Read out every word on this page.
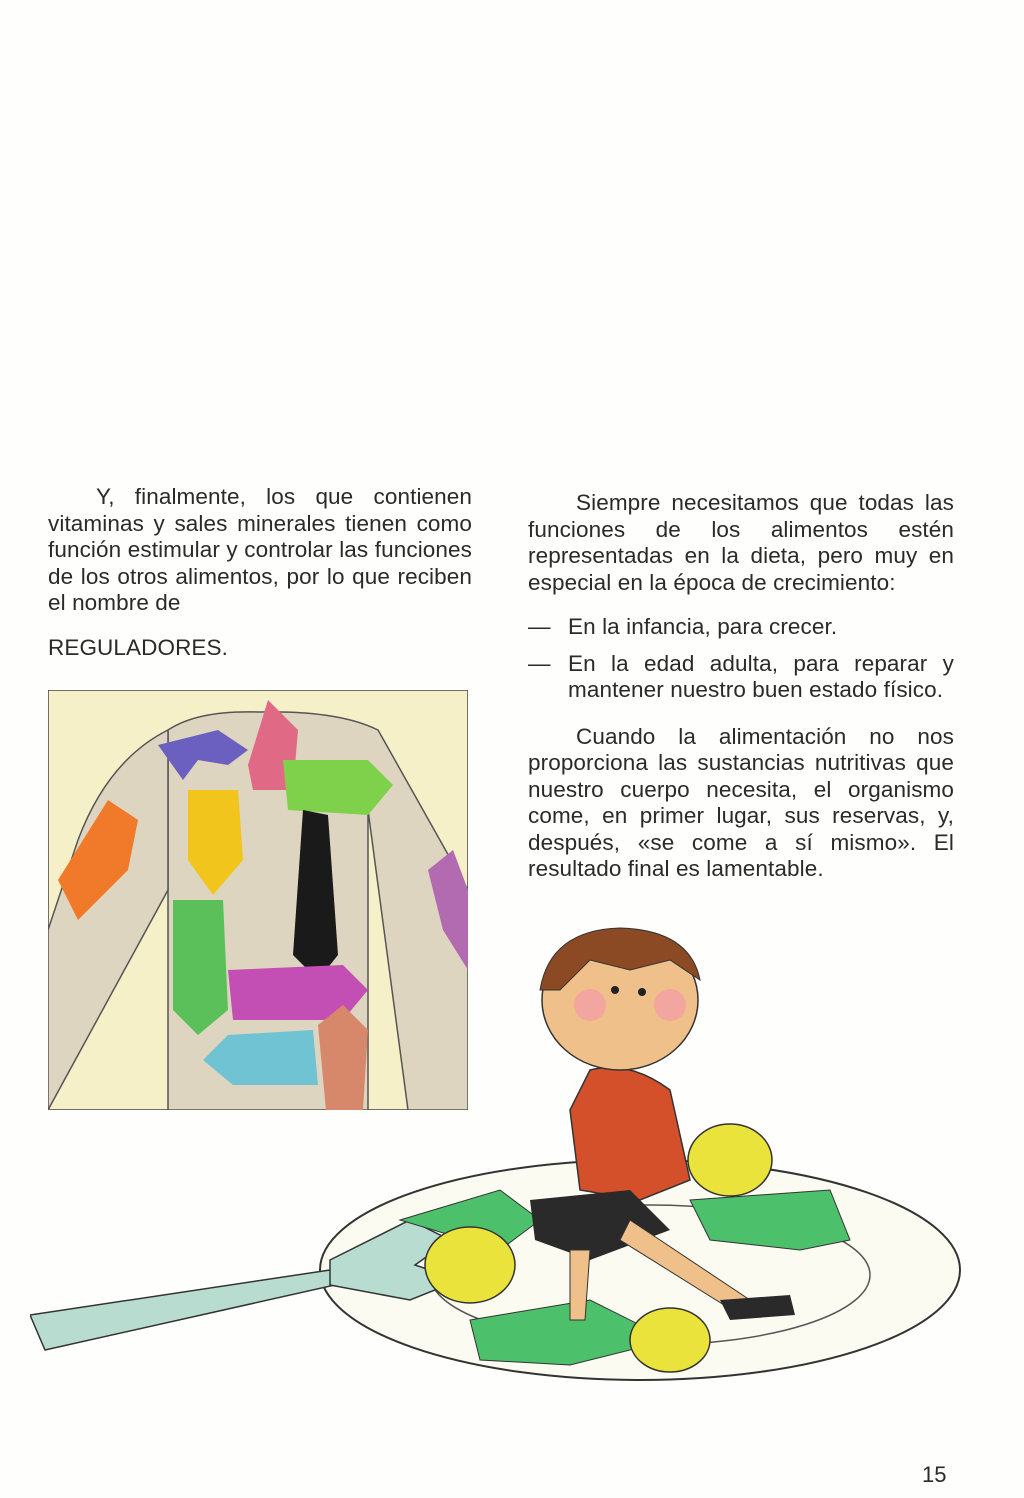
Y, finalmente, los que contienen vitaminas y sales minerales tienen como función estimular y controlar las funciones de los otros alimentos, por lo que reciben el nombre de

REGULADORES.

Siempre necesitamos que todas las funciones de los alimentos estén representadas en la dieta, pero muy en especial en la época de crecimiento:

— En la infancia, para crecer.
— En la edad adulta, para reparar y mantener nuestro buen estado físico.

Cuando la alimentación no nos proporciona las sustancias nutritivas que nuestro cuerpo necesita, el organismo come, en primer lugar, sus reservas, y, después, «se come a sí mismo». El resultado final es lamentable.

15
